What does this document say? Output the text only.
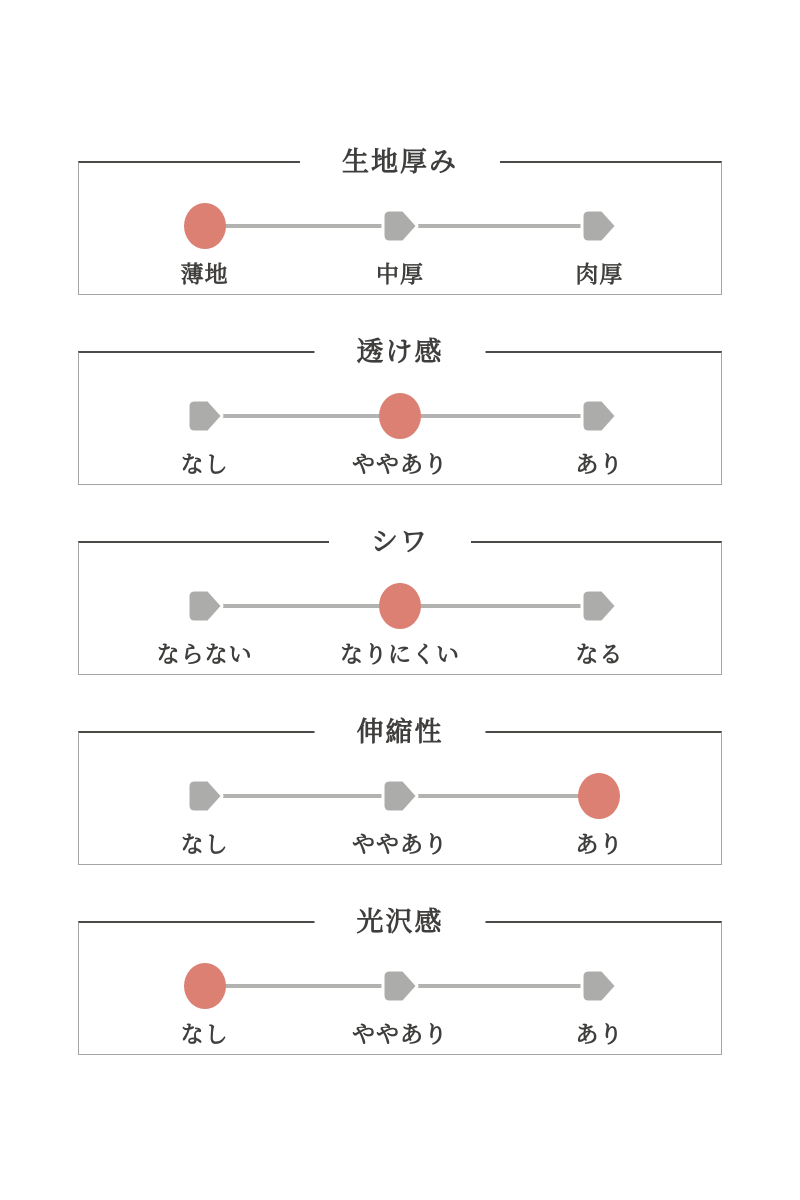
生地厚み
薄地	中厚	肉厚
透け感
なし	ややあり	あり
シワ
ならない	なりにくい	なる
伸縮性
なし	ややあり	あり
光沢感
なし	ややあり	あり
